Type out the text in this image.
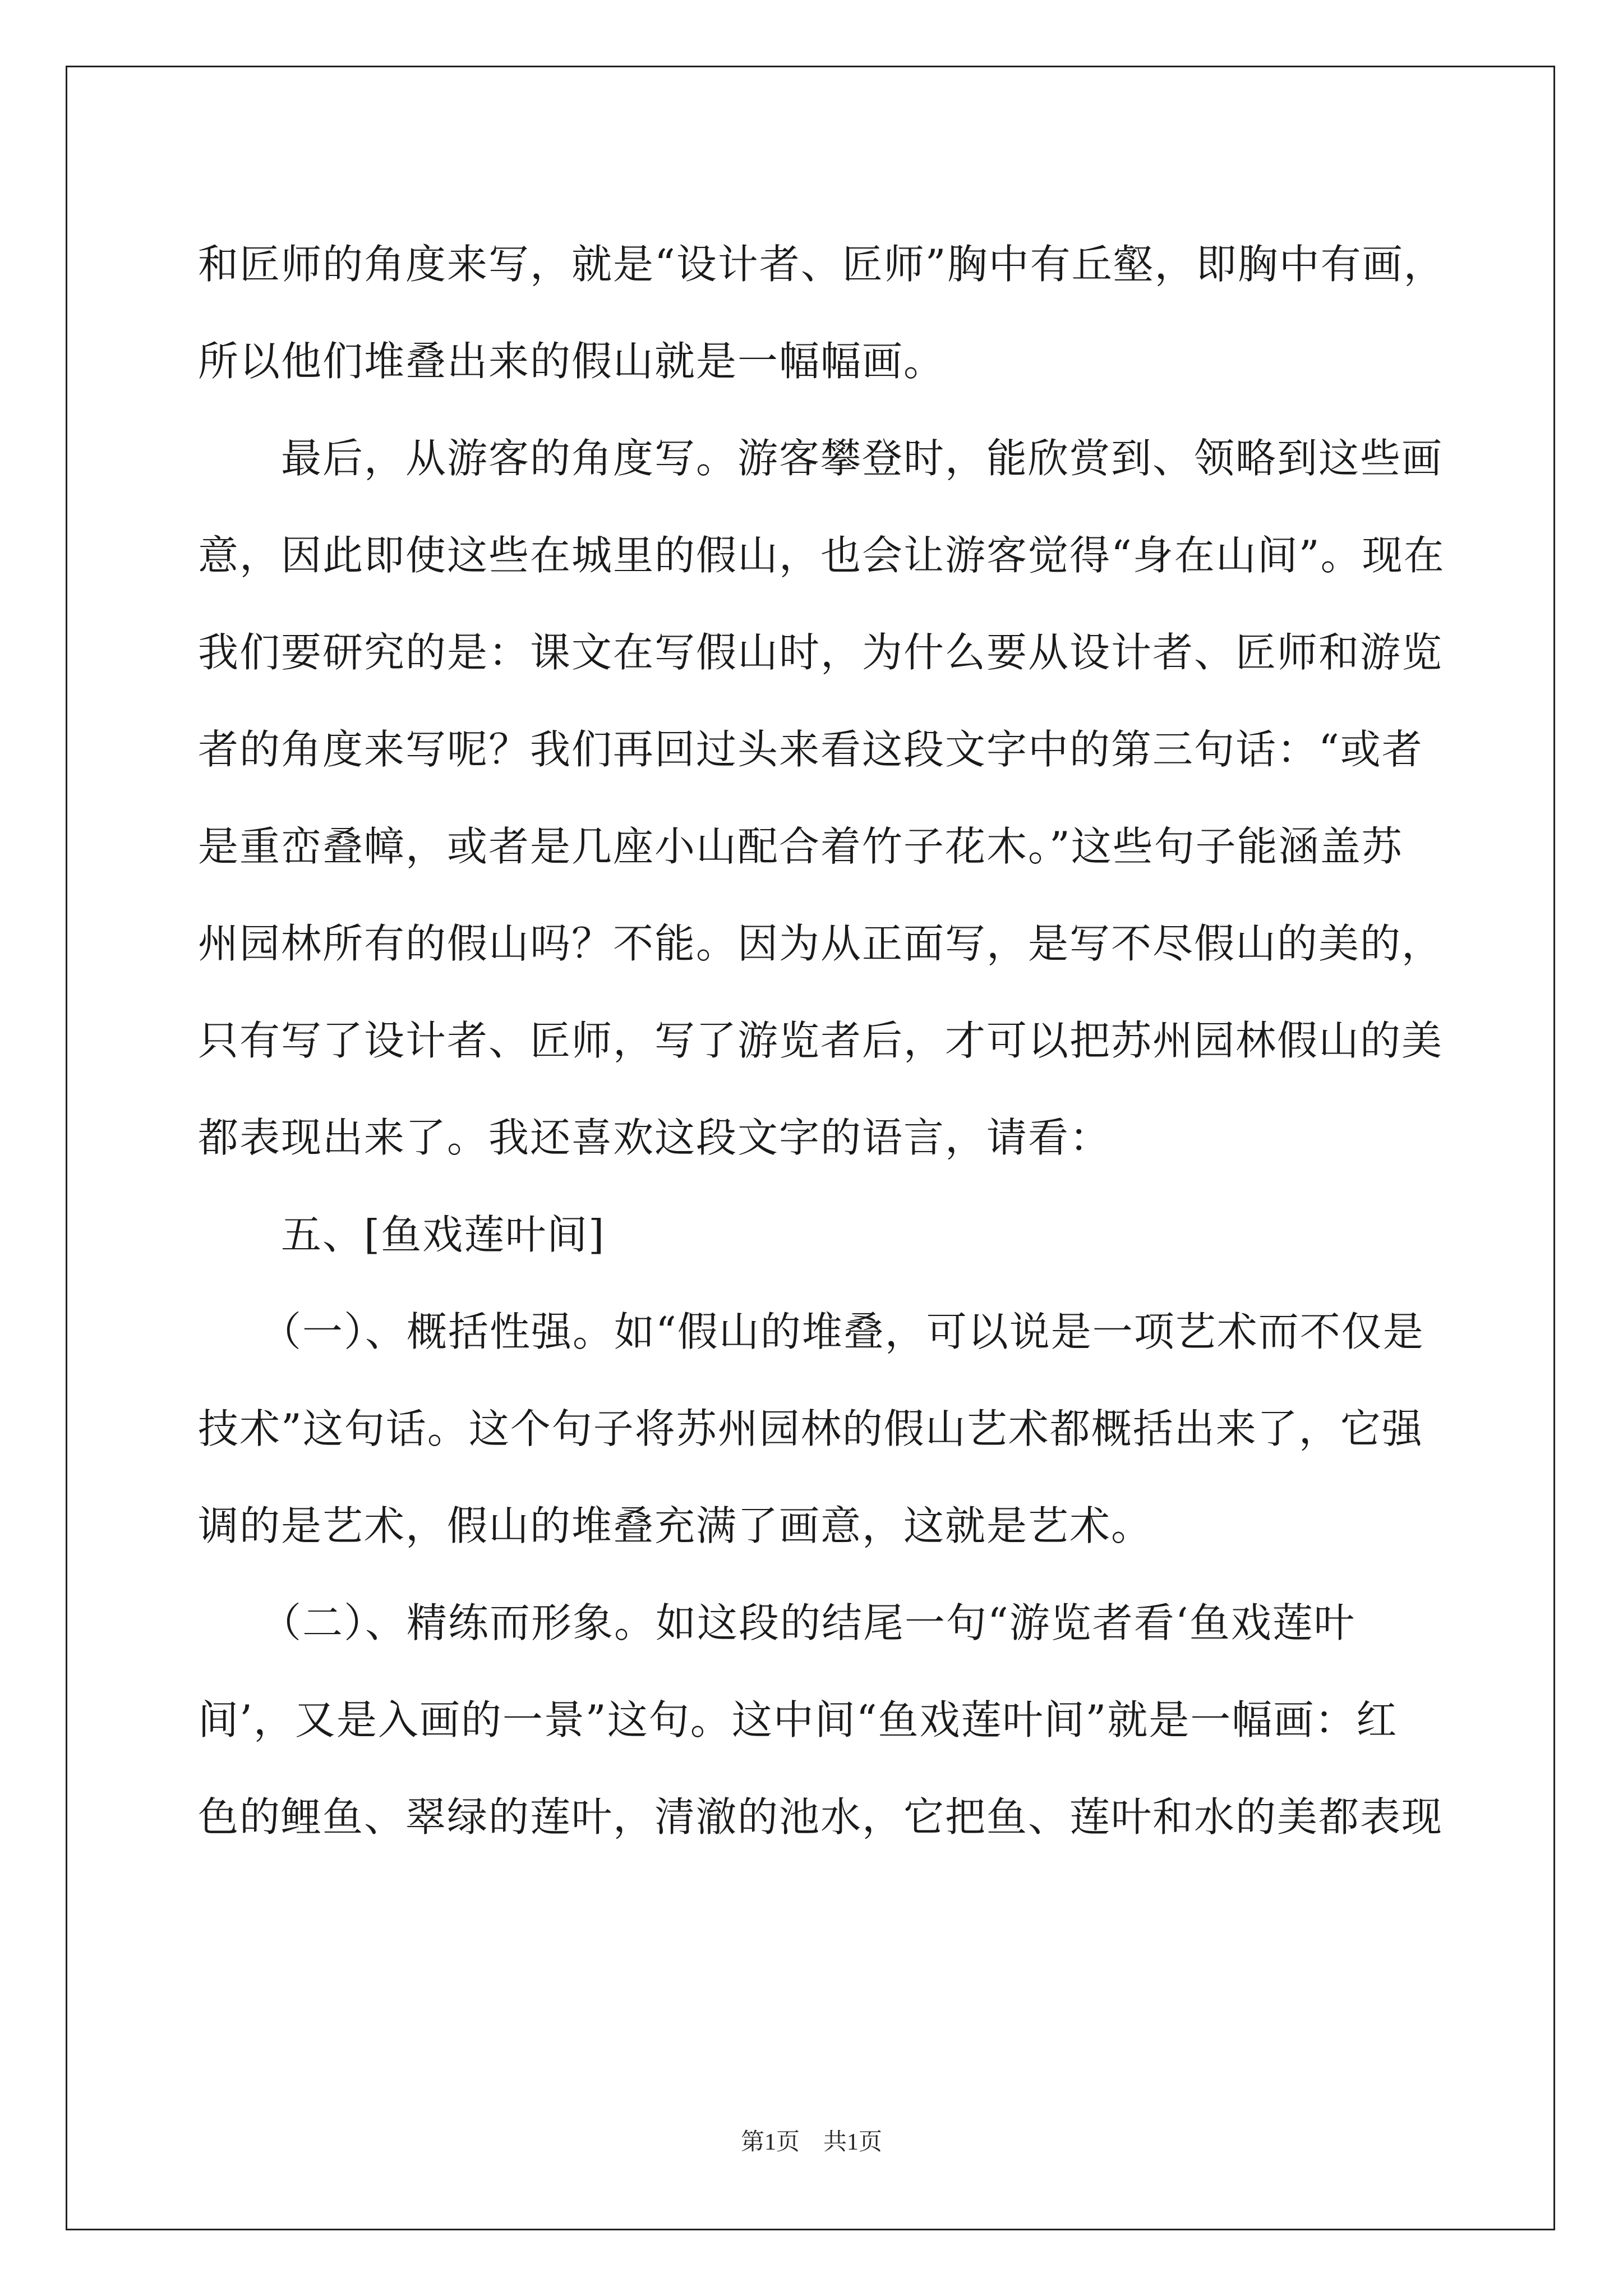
和匠师的角度来写，就是“设计者、匠师”胸中有丘壑，即胸中有画，
所以他们堆叠出来的假山就是一幅幅画。
　　最后，从游客的角度写。游客攀登时，能欣赏到、领略到这些画
意，因此即使这些在城里的假山，也会让游客觉得“身在山间”。现在
我们要研究的是：课文在写假山时，为什么要从设计者、匠师和游览
者的角度来写呢？我们再回过头来看这段文字中的第三句话：“或者
是重峦叠幛，或者是几座小山配合着竹子花木。”这些句子能涵盖苏
州园林所有的假山吗？不能。因为从正面写，是写不尽假山的美的，
只有写了设计者、匠师，写了游览者后，才可以把苏州园林假山的美
都表现出来了。我还喜欢这段文字的语言，请看：
　　五、[鱼戏莲叶间]
　　（一）、概括性强。如“假山的堆叠，可以说是一项艺术而不仅是
技术”这句话。这个句子将苏州园林的假山艺术都概括出来了，它强
调的是艺术，假山的堆叠充满了画意，这就是艺术。
　　（二）、精练而形象。如这段的结尾一句“游览者看‘鱼戏莲叶
间’，又是入画的一景”这句。这中间“鱼戏莲叶间”就是一幅画：红
色的鲤鱼、翠绿的莲叶，清澈的池水，它把鱼、莲叶和水的美都表现
第1页　共1页
